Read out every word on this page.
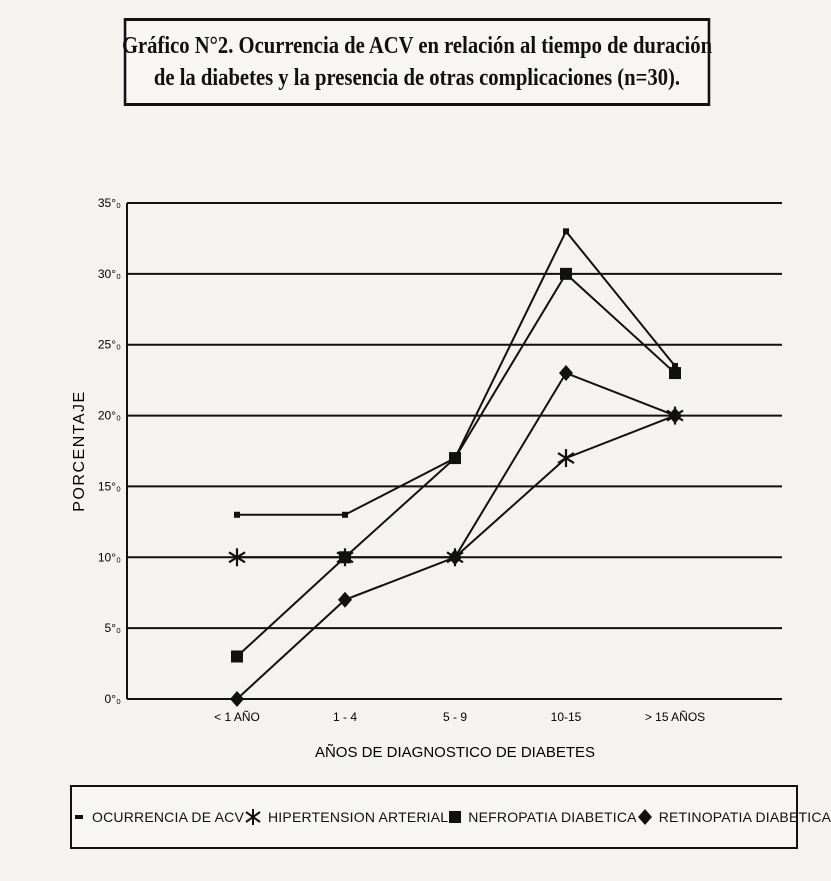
Gráfico N°2. Ocurrencia de ACV en relación al tiempo de duración
de la diabetes y la presencia de otras complicaciones (n=30).
0°₀
5°₀
10°₀
15°₀
20°₀
25°₀
30°₀
35°₀
< 1 AÑO	1 - 4	5 - 9	10-15	> 15 AÑOS
PORCENTAJE
AÑOS DE DIAGNOSTICO DE DIABETES
OCURRENCIA DE ACV HIPERTENSION ARTERIAL NEFROPATIA DIABETICA RETINOPATIA DIABETICA
